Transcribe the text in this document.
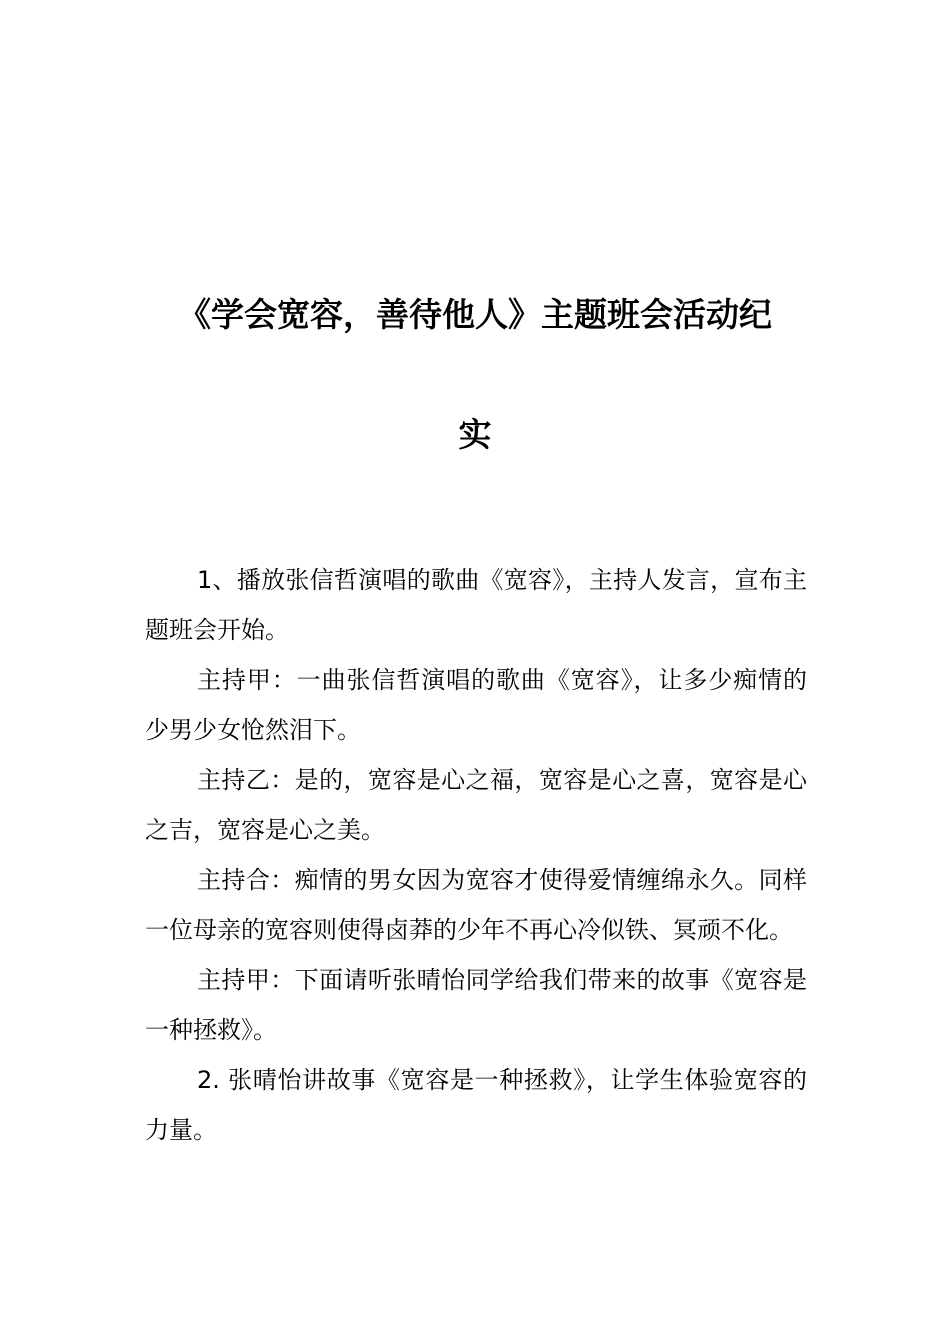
《学会宽容，善待他人》主题班会活动纪
实

1、播放张信哲演唱的歌曲《宽容》，主持人发言，宣布主题班会开始。

主持甲：一曲张信哲演唱的歌曲《宽容》，让多少痴情的少男少女怆然泪下。

主持乙：是的，宽容是心之福，宽容是心之喜，宽容是心之吉，宽容是心之美。

主持合：痴情的男女因为宽容才使得爱情缠绵永久。同样一位母亲的宽容则使得卤莽的少年不再心冷似铁、冥顽不化。

主持甲：下面请听张晴怡同学给我们带来的故事《宽容是一种拯救》。

2. 张晴怡讲故事《宽容是一种拯救》，让学生体验宽容的力量。
